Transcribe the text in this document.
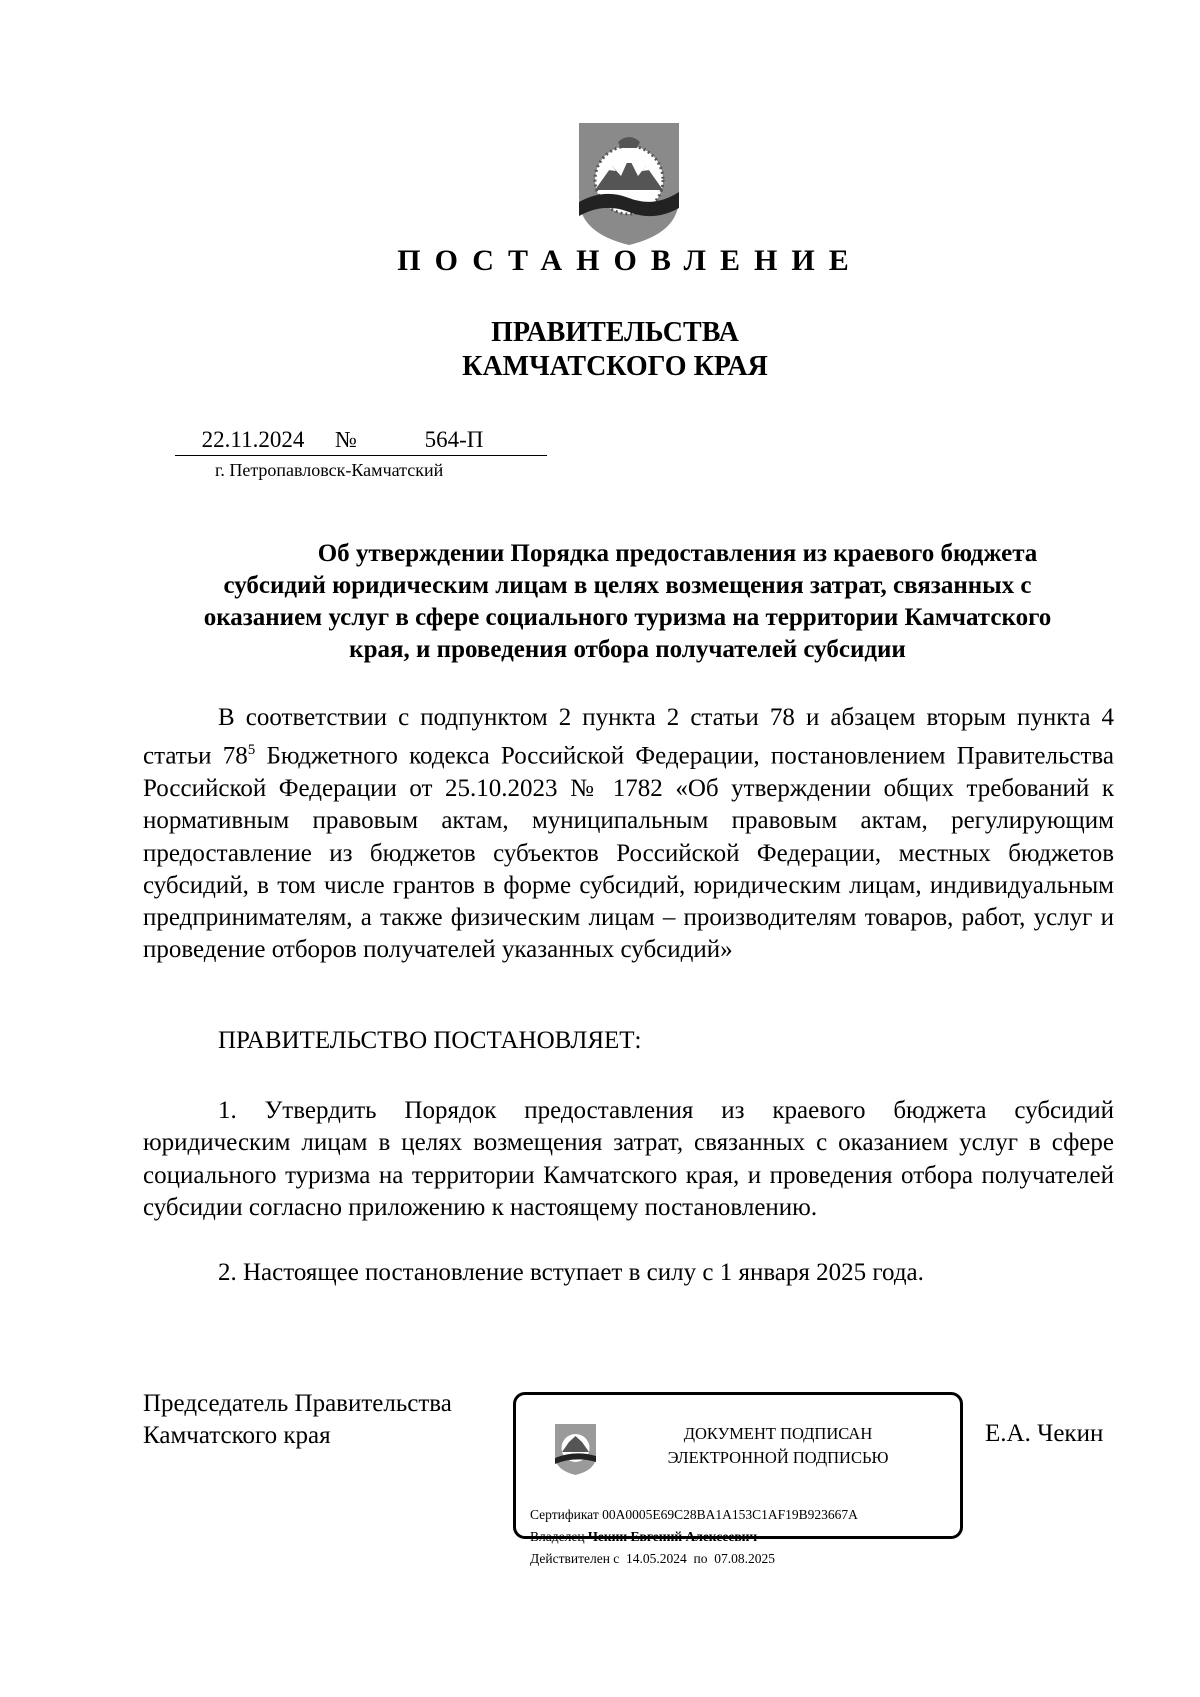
ПОСТАНОВЛЕНИЕ
ПРАВИТЕЛЬСТВА
КАМЧАТСКОГО КРАЯ
22.11.2024	№	564-П
г. Петропавловск-Камчатский
Об утверждении Порядка предоставления из краевого бюджета
субсидий юридическим лицам в целях возмещения затрат, связанных с
оказанием услуг в сфере социального туризма на территории Камчатского
края, и проведения отбора получателей субсидии
В соответствии с подпунктом 2 пункта 2 статьи 78 и абзацем вторым пункта 4 статьи $78^5$ Бюджетного кодекса Российской Федерации, постановлением Правительства Российской Федерации от 25.10.2023 № 1782 «Об утверждении общих требований к нормативным правовым актам, муниципальным правовым актам, регулирующим предоставление из бюджетов субъектов Российской Федерации, местных бюджетов субсидий, в том числе грантов в форме субсидий, юридическим лицам, индивидуальным предпринимателям, а также физическим лицам – производителям товаров, работ, услуг и проведение отборов получателей указанных субсидий»
ПРАВИТЕЛЬСТВО ПОСТАНОВЛЯЕТ:
1. Утвердить Порядок предоставления из краевого бюджета субсидий юридическим лицам в целях возмещения затрат, связанных с оказанием услуг в сфере социального туризма на территории Камчатского края, и проведения отбора получателей субсидии согласно приложению к настоящему постановлению.
2. Настоящее постановление вступает в силу с 1 января 2025 года.
Председатель Правительства
Камчатского края	ДОКУМЕНТ ПОДПИСАН
ЭЛЕКТРОННОЙ ПОДПИСЬЮ
Сертификат 00A0005E69C28BA1A153C1AF19B923667A
Владелец Чекин Евгений Алексеевич
Действителен с 14.05.2024 по 07.08.2025
Е.А. Чекин
